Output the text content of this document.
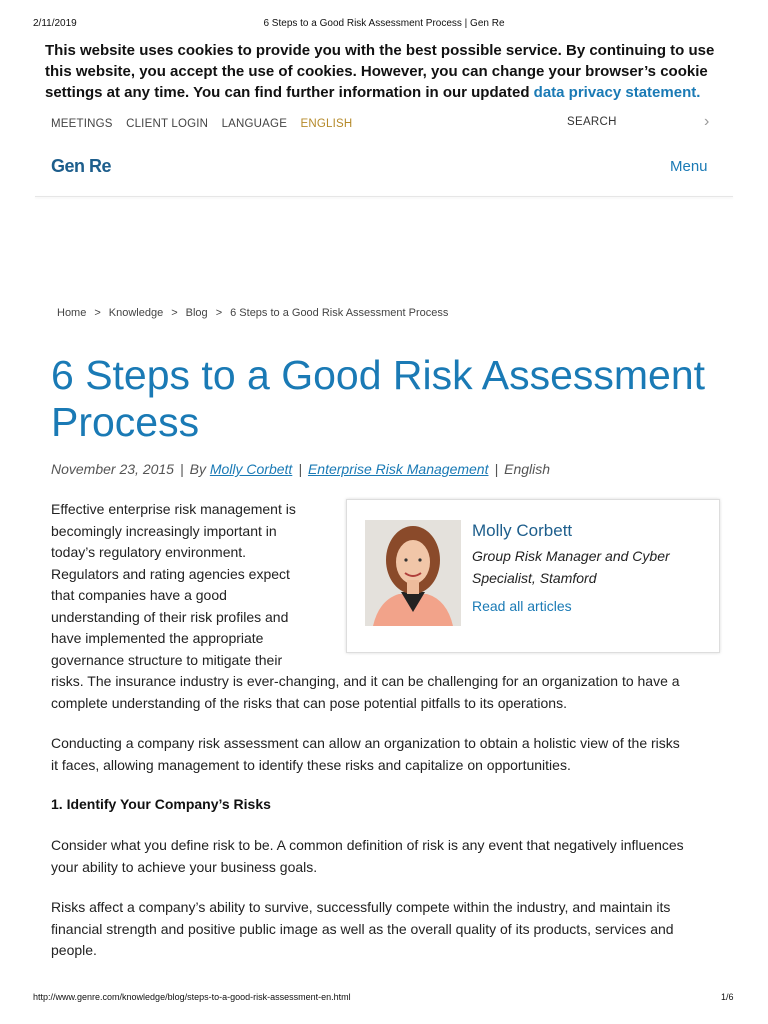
2/11/2019	6 Steps to a Good Risk Assessment Process | Gen Re
This website uses cookies to provide you with the best possible service. By continuing to use this website, you accept the use of cookies. However, you can change your browser’s cookie settings at any time. You can find further information in our updated data privacy statement.
MEETINGS CLIENT LOGIN LANGUAGE ENGLISH	SEARCH	›
Gen Re	Menu
Home > Knowledge > Blog > 6 Steps to a Good Risk Assessment Process
6 Steps to a Good Risk Assessment Process
November 23, 2015 | By Molly Corbett | Enterprise Risk Management | English
Effective enterprise risk management is
becomingly increasingly important in
today’s regulatory environment.
Regulators and rating agencies expect
that companies have a good
understanding of their risk profiles and
have implemented the appropriate
governance structure to mitigate their
risks. The insurance industry is ever-changing, and it can be challenging for an organization to have a
complete understanding of the risks that can pose potential pitfalls to its operations.
Molly Corbett
Group Risk Manager and Cyber Specialist, Stamford
Read all articles
Conducting a company risk assessment can allow an organization to obtain a holistic view of the risks
it faces, allowing management to identify these risks and capitalize on opportunities.
1. Identify Your Company’s Risks
Consider what you define risk to be. A common definition of risk is any event that negatively influences
your ability to achieve your business goals.
Risks affect a company’s ability to survive, successfully compete within the industry, and maintain its
financial strength and positive public image as well as the overall quality of its products, services and
people.
http://www.genre.com/knowledge/blog/steps-to-a-good-risk-assessment-en.html	1/6
